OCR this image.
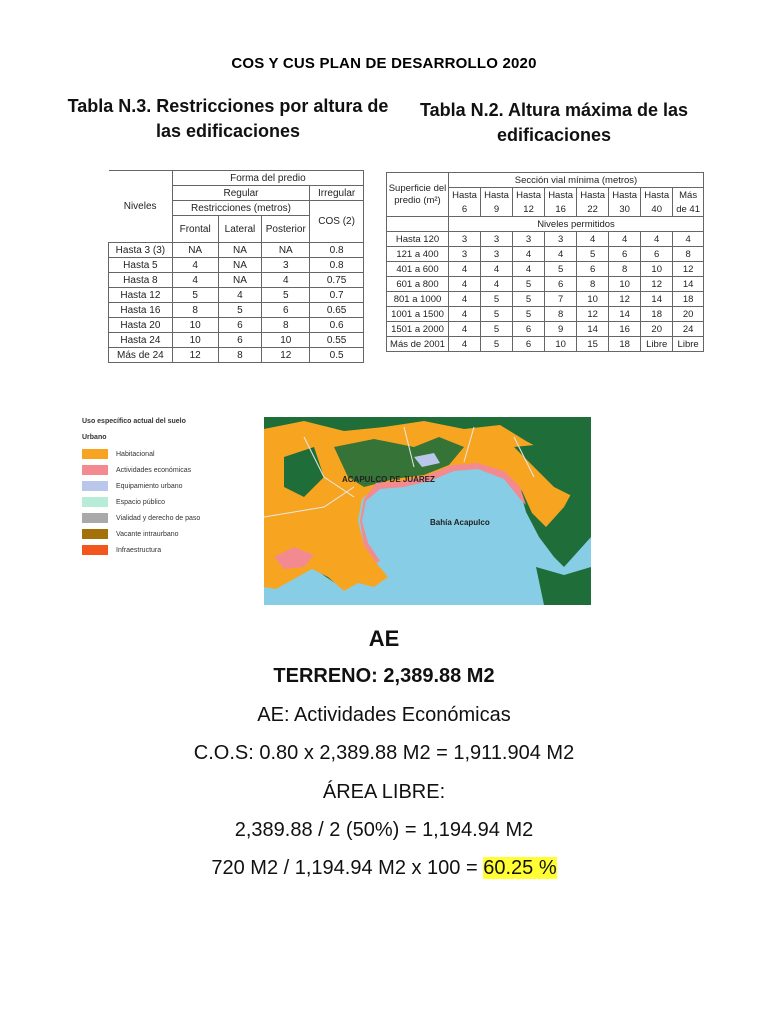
COS Y CUS PLAN DE DESARROLLO 2020
Tabla N.3. Restricciones por altura de
las edificaciones
Niveles	Forma del predio			
	Regular			Irregular
	Restricciones (metros)			COS (2)
	Frontal	Lateral	Posterior	
Hasta 3 (3)	NA	NA	NA	0.8
Hasta 5	4	NA	3	0.8
Hasta 8	4	NA	4	0.75
Hasta 12	5	4	5	0.7
Hasta 16	8	5	6	0.65
Hasta 20	10	6	8	0.6
Hasta 24	10	6	10	0.55
Más de 24	12	8	12	0.5
Tabla N.2. Altura máxima de las
edificaciones
Superficie del predio (m²)	Sección vial mínima (metros)							
	Hasta	Hasta	Hasta	Hasta	Hasta	Hasta	Hasta	Más
	6	9	12	16	22	30	40	de 41
	Niveles permitidos							
Hasta 120	3	3	3	3	4	4	4	4
121 a 400	3	3	4	4	5	6	6	8
401 a 600	4	4	4	5	6	8	10	12
601 a 800	4	4	5	6	8	10	12	14
801 a 1000	4	5	5	7	10	12	14	18
1001 a 1500	4	5	5	8	12	14	18	20
1501 a 2000	4	5	6	9	14	16	20	24
Más de 2001	4	5	6	10	15	18	Libre	Libre
Uso específico actual del suelo
Urbano
Habitacional
Actividades económicas
Equipamiento urbano
Espacio público
Vialidad y derecho de paso
Vacante intraurbano
Infraestructura
ACAPULCO DE JUAREZ
Bahía Acapulco
AE
TERRENO: 2,389.88 M2
AE: Actividades Económicas
C.O.S: 0.80 x 2,389.88 M2 = 1,911.904 M2
ÁREA LIBRE:
2,389.88 / 2 (50%) = 1,194.94 M2
720 M2 / 1,194.94 M2 x 100 = 60.25 %
